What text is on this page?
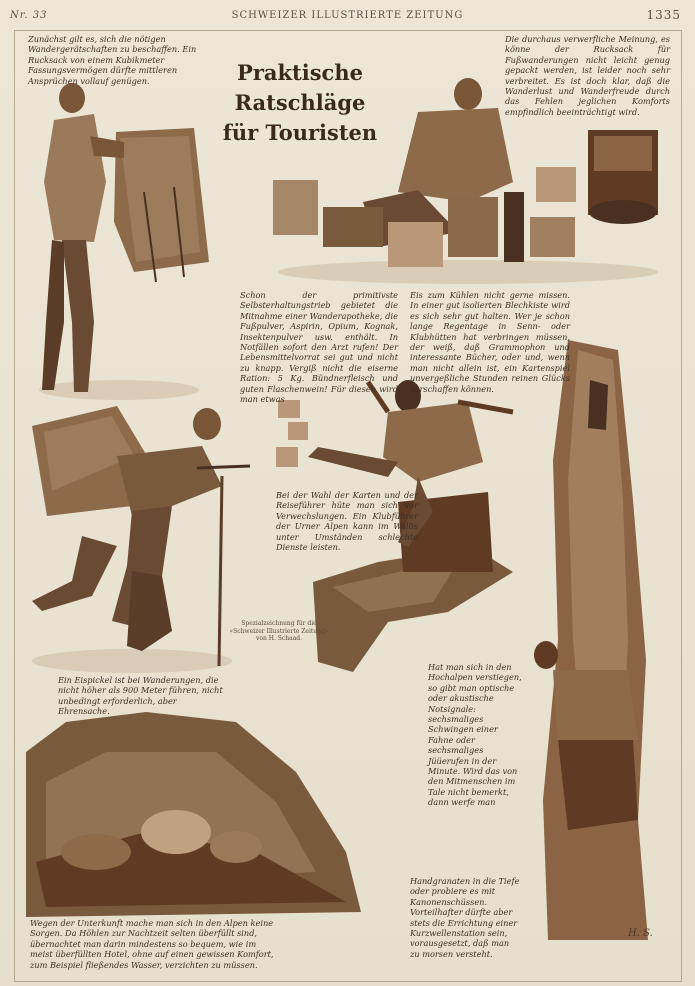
Nr. 33	SCHWEIZER ILLUSTRIERTE ZEITUNG	1335
Praktische
Ratschläge
für Touristen
Zunächst gilt es, sich die nötigen Wandergerätschaften zu beschaffen. Ein Rucksack von einem Kubikmeter Fassungsvermögen dürfte mittleren Ansprüchen vollauf genügen.
Die durchaus verwerfliche Meinung, es könne der Rucksack für Fußwanderungen nicht leicht genug gepackt werden, ist leider noch sehr verbreitet. Es ist doch klar, daß die Wanderlust und Wanderfreude durch das Fehlen jeglichen Komforts empfindlich beeinträchtigt wird.
Schon der primitivste Selbsterhaltungstrieb gebietet die Mitnahme einer Wanderapotheke, die Fußpulver, Aspirin, Opium, Kognak, Insektenpulver usw. enthält. In Notfällen sofort den Arzt rufen! Der Lebensmittelvorrat sei gut und nicht zu knapp. Vergiß nicht die eiserne Ration: 5 Kg. Bündnerfleisch und guten Flaschenwein! Für diesen wird man etwas
Eis zum Kühlen nicht gerne missen. In einer gut isolierten Blechkiste wird es sich sehr gut halten. Wer je schon lange Regentage in Senn- oder Klubhütten hat verbringen müssen, der weiß, daß Grammophon und interessante Bücher, oder und, wenn man nicht allein ist, ein Kartenspiel unvergeßliche Stunden reinen Glücks verschaffen können.
Bei der Wahl der Karten und der Reiseführer hüte man sich vor Verwechslungen. Ein Klubführer der Urner Alpen kann im Wallis unter Umständen schlechte Dienste leisten.
Spezialzeichnung für die
«Schweizer Illustrierte Zeitung»
von H. Schaad.
Ein Eispickel ist bei Wanderungen, die nicht höher als 900 Meter führen, nicht unbedingt erforderlich, aber Ehrensache.
Hat man sich in den Hochalpen verstiegen, so gibt man optische oder akustische Notsignale: sechsmaliges Schwingen einer Fahne oder sechsmaliges Jüüerufen in der Minute. Wird das von den Mitmenschen im Tale nicht bemerkt, dann werfe man
Handgranaten in die Tiefe oder probiere es mit Kanonenschüssen. Vorteilhafter dürfte aber stets die Errichtung einer Kurzwellenstation sein, vorausgesetzt, daß man zu morsen versteht.
Wegen der Unterkunft mache man sich in den Alpen keine Sorgen. Da Höhlen zur Nachtzeit selten überfüllt sind, übernachtet man darin mindestens so bequem, wie im meist überfüllten Hotel, ohne auf einen gewissen Komfort, zum Beispiel fließendes Wasser, verzichten zu müssen.
H. S.
